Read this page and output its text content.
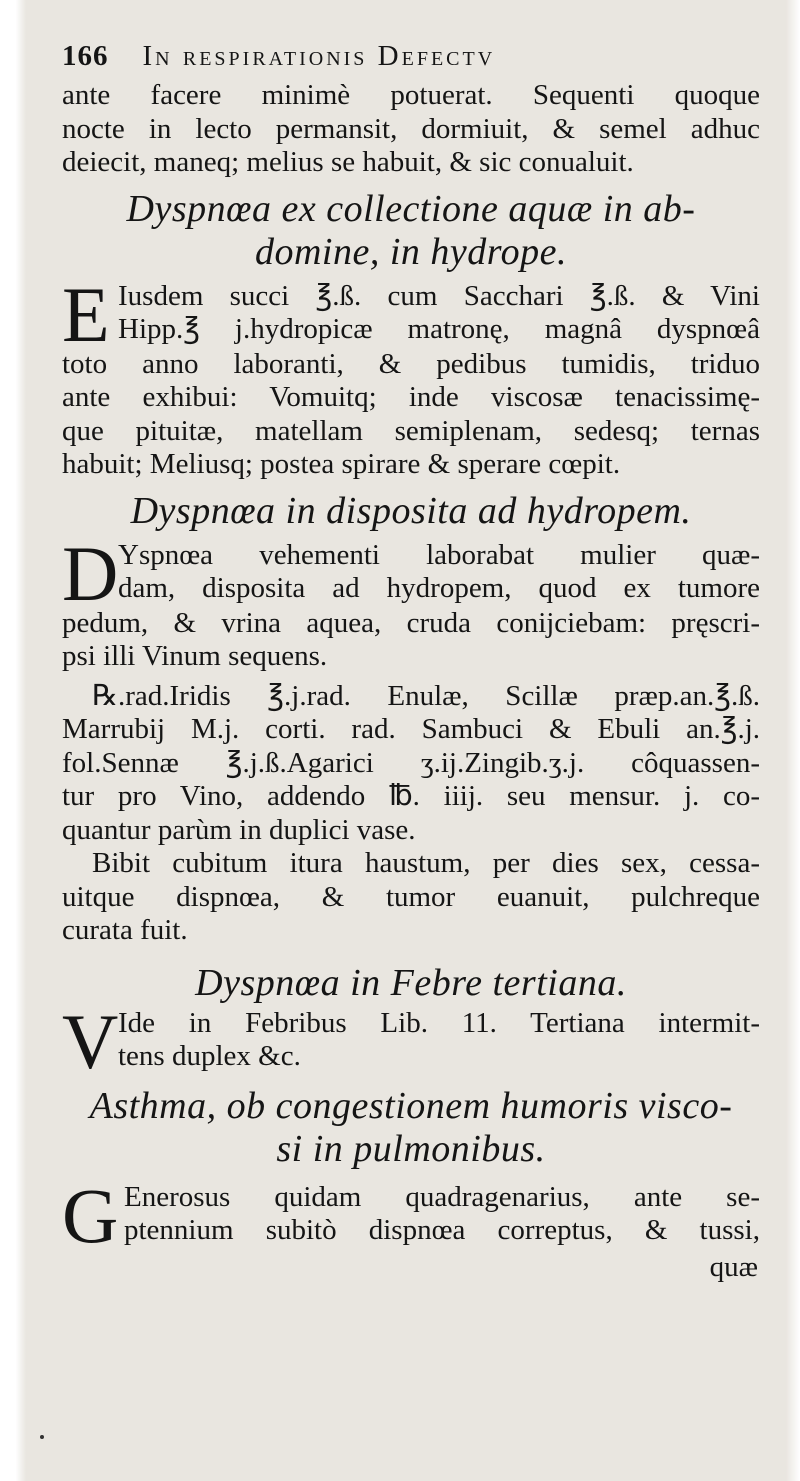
166 In respirationis Defectv
ante facere minimè potuerat. Sequenti quoque
nocte in lecto permansit, dormiuit, & semel adhuc
deiecit, maneq; melius se habuit, & sic conualuit.
Dyspnœa ex collectione aquæ in ab-
domine, in hydrope.
E Iusdem succi ℥.ß. cum Sacchari ℥.ß. & Vini
Hipp.℥ j.hydropicæ matronę, magnâ dyspnœâ
toto anno laboranti, & pedibus tumidis, triduo
ante exhibui: Vomuitq; inde viscosæ tenacissimę-
que pituitæ, matellam semiplenam, sedesq; ternas
habuit; Meliusq; postea spirare & sperare cœpit.
Dyspnœa in disposita ad hydropem.
D Yspnœa vehementi laborabat mulier quæ-
dam, disposita ad hydropem, quod ex tumore
pedum, & vrina aquea, cruda conijciebam: pręscri-
psi illi Vinum sequens.
℞.rad.Iridis ℥.j.rad. Enulæ, Scillæ præp.an.℥.ß.
Marrubij M.j. corti. rad. Sambuci & Ebuli an.℥.j.
fol.Sennæ ℥.j.ß.Agarici ʒ.ij.Zingib.ʒ.j. côquassen-
tur pro Vino, addendo ℔. iiij. seu mensur. j. co-
quantur parùm in duplici vase.
Bibit cubitum itura haustum, per dies sex, cessa-
uitque dispnœa, & tumor euanuit, pulchreque
curata fuit.
Dyspnœa in Febre tertiana.
V Ide in Febribus Lib. 11. Tertiana intermit-
tens duplex &c.
Asthma, ob congestionem humoris visco-
si in pulmonibus.
G Enerosus quidam quadragenarius, ante se-
ptennium subitò dispnœa correptus, & tussi,
quæ
